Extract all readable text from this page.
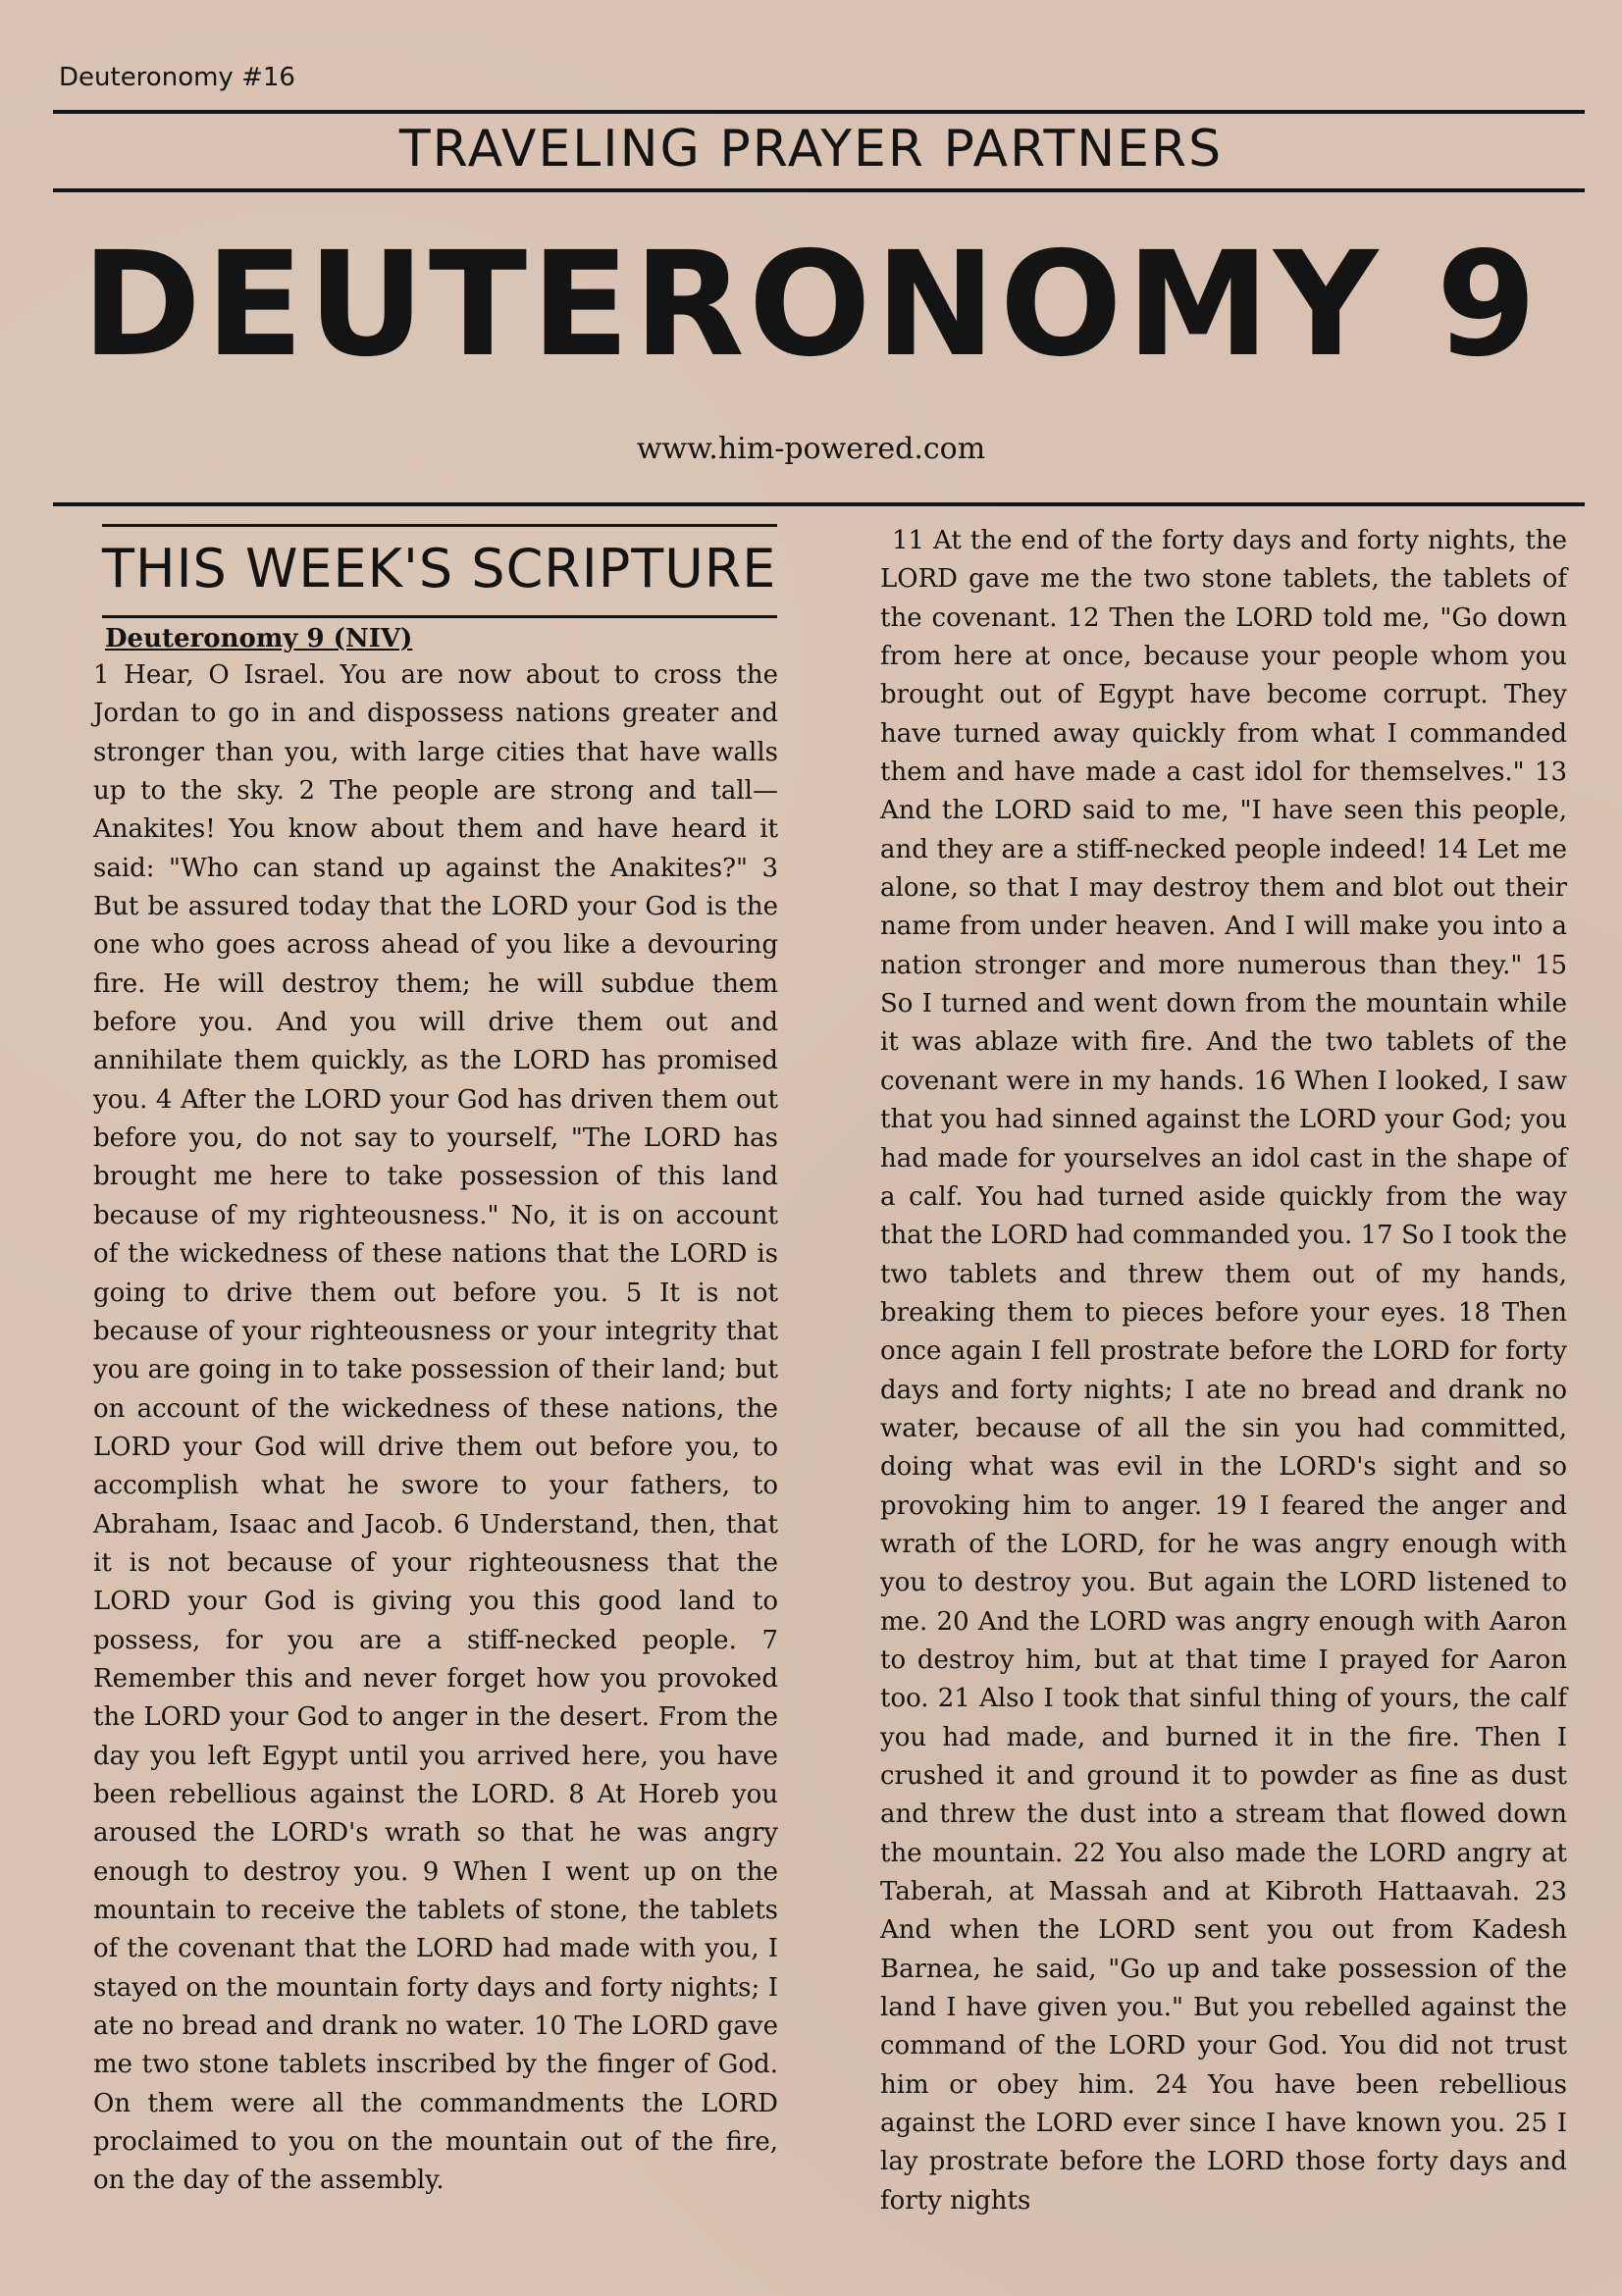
Deuteronomy #16

TRAVELING PRAYER PARTNERS

DEUTERONOMY 9

www.him-powered.com

THIS WEEK'S SCRIPTURE

Deuteronomy 9 (NIV)

1 Hear, O Israel. You are now about to cross the Jordan to go in and dispossess nations greater and stronger than you, with large cities that have walls up to the sky. 2 The people are strong and tall—Anakites! You know about them and have heard it said: "Who can stand up against the Anakites?" 3 But be assured today that the LORD your God is the one who goes across ahead of you like a devouring fire. He will destroy them; he will subdue them before you. And you will drive them out and annihilate them quickly, as the LORD has promised you. 4 After the LORD your God has driven them out before you, do not say to yourself, "The LORD has brought me here to take possession of this land because of my righteousness." No, it is on account of the wickedness of these nations that the LORD is going to drive them out before you. 5 It is not because of your righteousness or your integrity that you are going in to take possession of their land; but on account of the wickedness of these nations, the LORD your God will drive them out before you, to accomplish what he swore to your fathers, to Abraham, Isaac and Jacob. 6 Understand, then, that it is not because of your righteousness that the LORD your God is giving you this good land to possess, for you are a stiff-necked people. 7 Remember this and never forget how you provoked the LORD your God to anger in the desert. From the day you left Egypt until you arrived here, you have been rebellious against the LORD. 8 At Horeb you aroused the LORD's wrath so that he was angry enough to destroy you. 9 When I went up on the mountain to receive the tablets of stone, the tablets of the covenant that the LORD had made with you, I stayed on the mountain forty days and forty nights; I ate no bread and drank no water. 10 The LORD gave me two stone tablets inscribed by the finger of God. On them were all the commandments the LORD proclaimed to you on the mountain out of the fire, on the day of the assembly.

11 At the end of the forty days and forty nights, the LORD gave me the two stone tablets, the tablets of the covenant. 12 Then the LORD told me, "Go down from here at once, because your people whom you brought out of Egypt have become corrupt. They have turned away quickly from what I commanded them and have made a cast idol for themselves." 13 And the LORD said to me, "I have seen this people, and they are a stiff-necked people indeed! 14 Let me alone, so that I may destroy them and blot out their name from under heaven. And I will make you into a nation stronger and more numerous than they." 15 So I turned and went down from the mountain while it was ablaze with fire. And the two tablets of the covenant were in my hands. 16 When I looked, I saw that you had sinned against the LORD your God; you had made for yourselves an idol cast in the shape of a calf. You had turned aside quickly from the way that the LORD had commanded you. 17 So I took the two tablets and threw them out of my hands, breaking them to pieces before your eyes. 18 Then once again I fell prostrate before the LORD for forty days and forty nights; I ate no bread and drank no water, because of all the sin you had committed, doing what was evil in the LORD's sight and so provoking him to anger. 19 I feared the anger and wrath of the LORD, for he was angry enough with you to destroy you. But again the LORD listened to me. 20 And the LORD was angry enough with Aaron to destroy him, but at that time I prayed for Aaron too. 21 Also I took that sinful thing of yours, the calf you had made, and burned it in the fire. Then I crushed it and ground it to powder as fine as dust and threw the dust into a stream that flowed down the mountain. 22 You also made the LORD angry at Taberah, at Massah and at Kibroth Hattaavah. 23 And when the LORD sent you out from Kadesh Barnea, he said, "Go up and take possession of the land I have given you." But you rebelled against the command of the LORD your God. You did not trust him or obey him. 24 You have been rebellious against the LORD ever since I have known you. 25 I lay prostrate before the LORD those forty days and forty nights
